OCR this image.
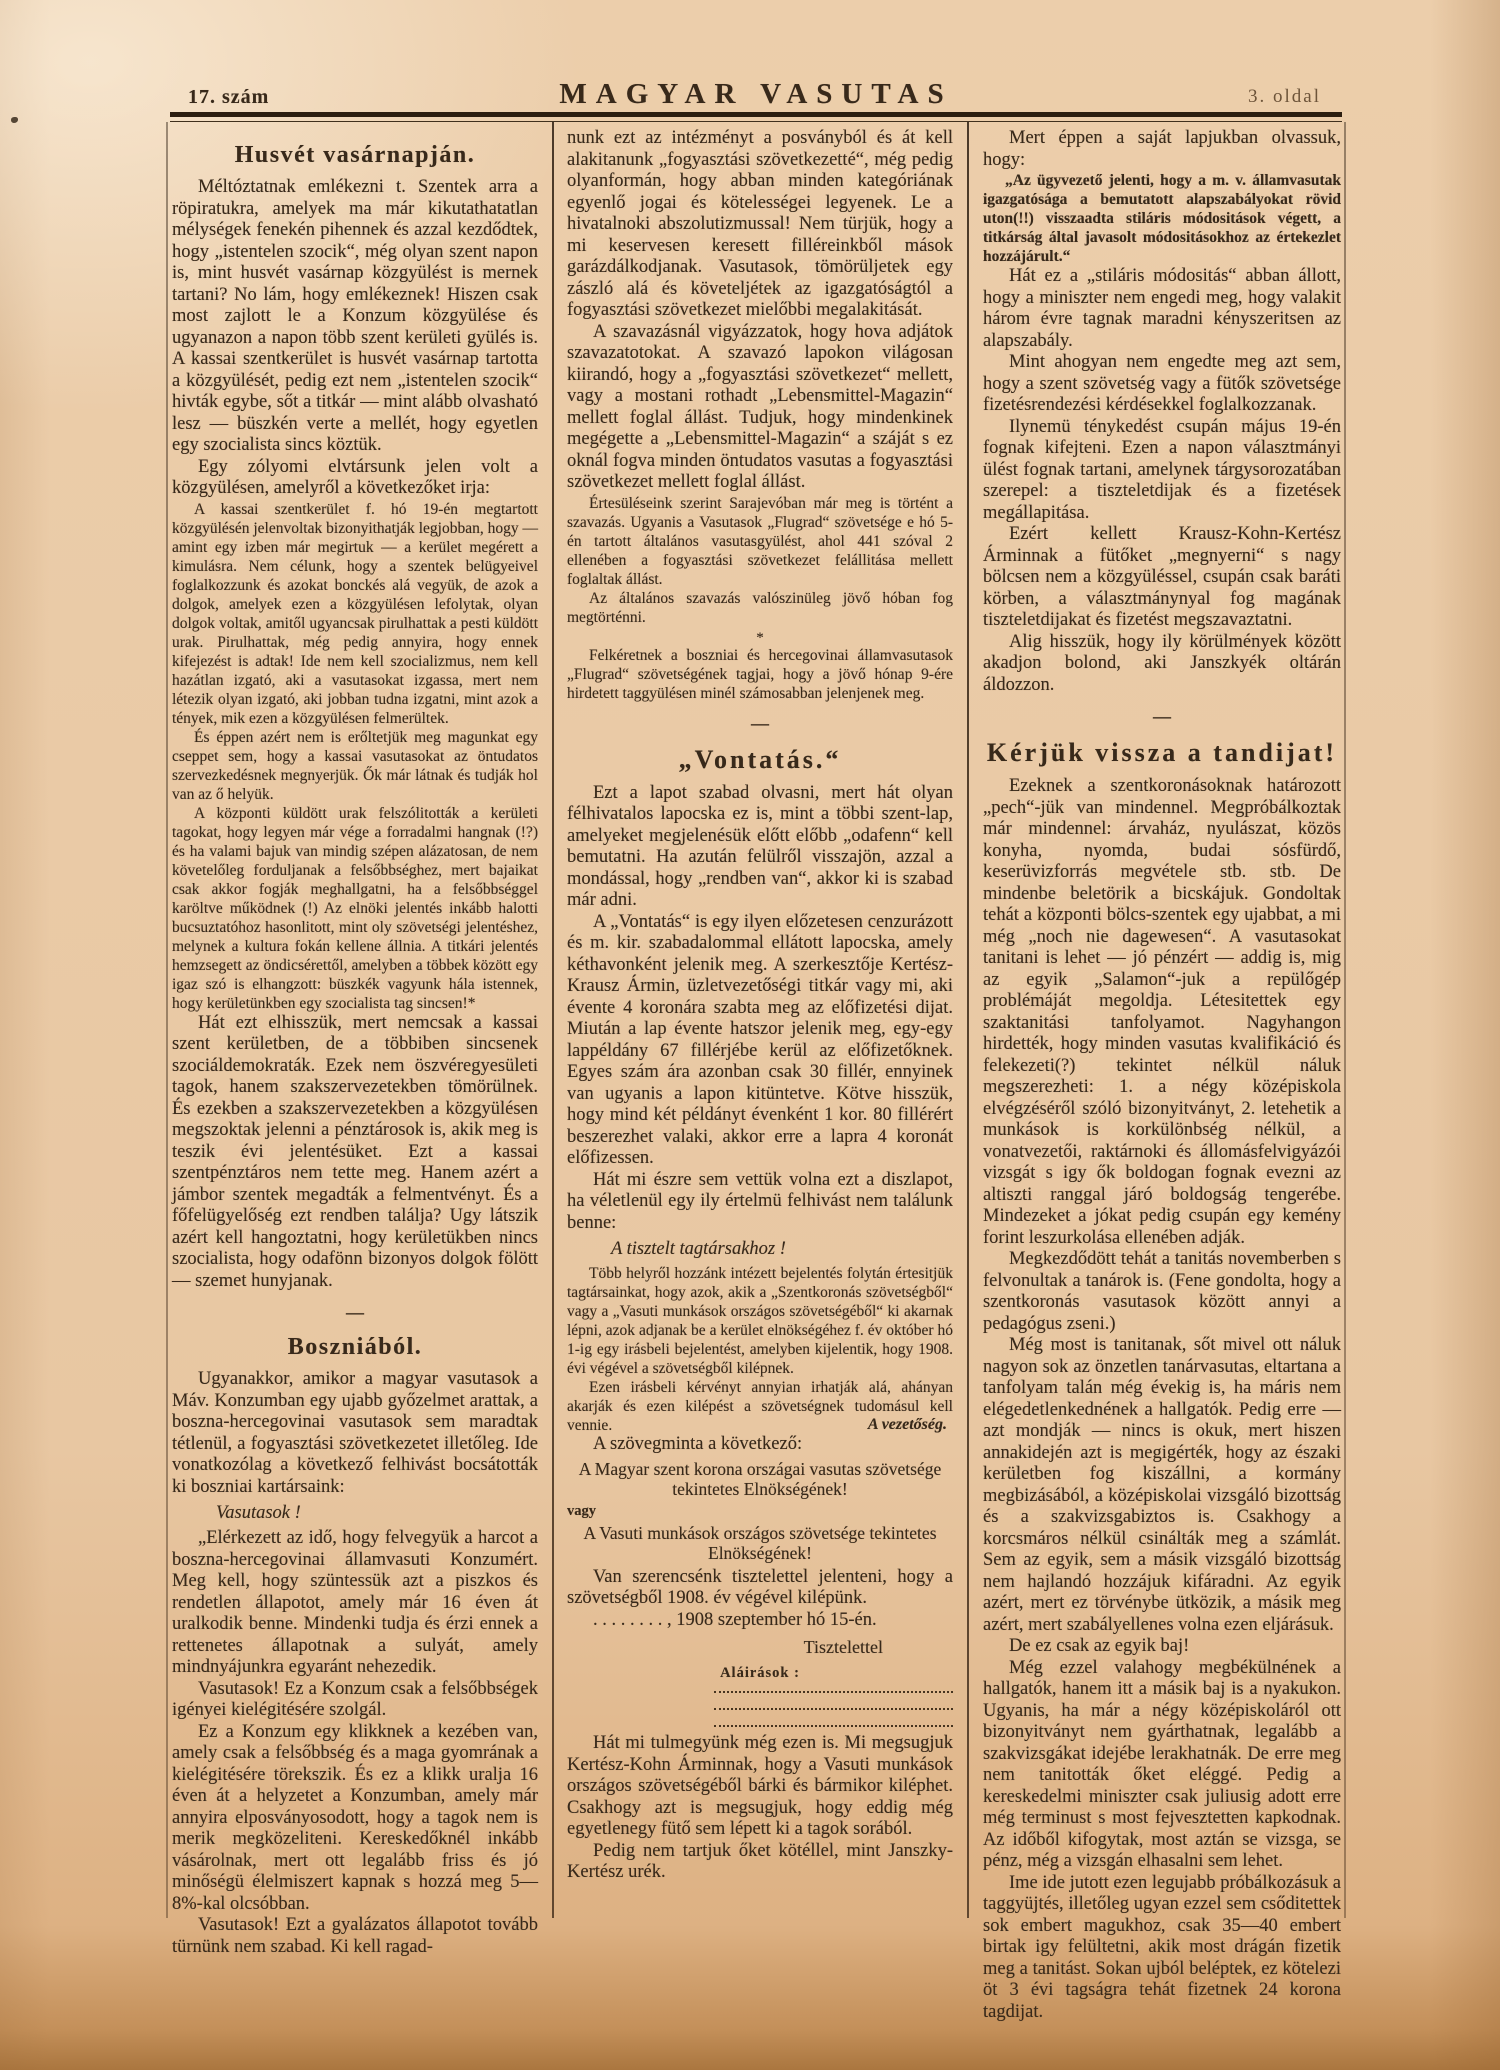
17. szám	MAGYAR VASUTAS	3. oldal
Husvét vasárnapján.
Méltóztatnak emlékezni t. Szentek arra a röpiratukra, amelyek ma már kikutathatatlan mélységek fenekén pihennek és azzal kezdődtek, hogy „istentelen szocik“, még olyan szent napon is, mint husvét vasárnap közgyülést is mernek tartani? No lám, hogy emlékeznek! Hiszen csak most zajlott le a Konzum közgyülése és ugyanazon a napon több szent kerületi gyülés is. A kassai szentkerület is husvét vasárnap tartotta a közgyülését, pedig ezt nem „istentelen szocik“ hivták egybe, sőt a titkár — mint alább olvasható lesz — büszkén verte a mellét, hogy egyetlen egy szocialista sincs köztük.
Egy zólyomi elvtársunk jelen volt a közgyülésen, amelyről a következőket irja:
A kassai szentkerület f. hó 19-én megtartott közgyülésén jelenvoltak bizonyithatják legjobban, hogy — amint egy izben már megirtuk — a kerület megérett a kimulásra. Nem célunk, hogy a szentek belügyeivel foglalkozzunk és azokat bonckés alá vegyük, de azok a dolgok, amelyek ezen a közgyülésen lefolytak, olyan dolgok voltak, amitől ugyancsak pirulhattak a pesti küldött urak. Pirulhattak, még pedig annyira, hogy ennek kifejezést is adtak! Ide nem kell szocializmus, nem kell hazátlan izgató, aki a vasutasokat izgassa, mert nem létezik olyan izgató, aki jobban tudna izgatni, mint azok a tények, mik ezen a közgyülésen felmerültek.
És éppen azért nem is erőltetjük meg magunkat egy cseppet sem, hogy a kassai vasutasokat az öntudatos szervezkedésnek megnyerjük. Ők már látnak és tudják hol van az ő helyük.
A központi küldött urak felszólitották a kerületi tagokat, hogy legyen már vége a forradalmi hangnak (!?) és ha valami bajuk van mindig szépen alázatosan, de nem követelőleg forduljanak a felsőbbséghez, mert bajaikat csak akkor fogják meghallgatni, ha a felsőbbséggel karöltve működnek (!) Az elnöki jelentés inkább halotti bucsuztatóhoz hasonlitott, mint oly szövetségi jelentéshez, melynek a kultura fokán kellene állnia. A titkári jelentés hemzsegett az öndicsérettől, amelyben a többek között egy igaz szó is elhangzott: büszkék vagyunk hála istennek, hogy kerületünkben egy szocialista tag sincsen!*
Hát ezt elhisszük, mert nemcsak a kassai szent kerületben, de a többiben sincsenek szociáldemokraták. Ezek nem öszvéregyesületi tagok, hanem szakszervezetekben tömörülnek. És ezekben a szakszervezetekben a közgyülésen megszoktak jelenni a pénztárosok is, akik meg is teszik évi jelentésüket. Ezt a kassai szentpénztáros nem tette meg. Hanem azért a jámbor szentek megadták a felmentvényt. És a főfelügyelőség ezt rendben találja? Ugy látszik azért kell hangoztatni, hogy kerületükben nincs szocialista, hogy odafönn bizonyos dolgok fölött — szemet hunyjanak.
—
Boszniából.
Ugyanakkor, amikor a magyar vasutasok a Máv. Konzumban egy ujabb győzelmet arattak, a boszna-hercegovinai vasutasok sem maradtak tétlenül, a fogyasztási szövetkezetet illetőleg. Ide vonatkozólag a következő felhivást bocsátották ki boszniai kartársaink:
Vasutasok !
„Elérkezett az idő, hogy felvegyük a harcot a boszna-hercegovinai államvasuti Konzumért. Meg kell, hogy szüntessük azt a piszkos és rendetlen állapotot, amely már 16 éven át uralkodik benne. Mindenki tudja és érzi ennek a rettenetes állapotnak a sulyát, amely mindnyájunkra egyaránt nehezedik.
Vasutasok! Ez a Konzum csak a felsőbbségek igényei kielégitésére szolgál.
Ez a Konzum egy klikknek a kezében van, amely csak a felsőbbség és a maga gyomrának a kielégitésére törekszik. És ez a klikk uralja 16 éven át a helyzetet a Konzumban, amely már annyira elposványosodott, hogy a tagok nem is merik megközeliteni. Kereskedőknél inkább vásárolnak, mert ott legalább friss és jó minőségü élelmiszert kapnak s hozzá meg 5—8%-kal olcsóbban.
Vasutasok! Ezt a gyalázatos állapotot tovább türnünk nem szabad. Ki kell ragad-
nunk ezt az intézményt a posványból és át kell alakitanunk „fogyasztási szövetkezetté“, még pedig olyanformán, hogy abban minden kategóriának egyenlő jogai és kötelességei legyenek. Le a hivatalnoki abszolutizmussal! Nem türjük, hogy a mi keservesen keresett filléreinkből mások garázdálkodjanak. Vasutasok, tömörüljetek egy zászló alá és követeljétek az igazgatóságtól a fogyasztási szövetkezet mielőbbi megalakitását.
A szavazásnál vigyázzatok, hogy hova adjátok szavazatotokat. A szavazó lapokon világosan kiirandó, hogy a „fogyasztási szövetkezet“ mellett, vagy a mostani rothadt „Lebensmittel-Magazin“ mellett foglal állást. Tudjuk, hogy mindenkinek megégette a „Lebensmittel-Magazin“ a száját s ez oknál fogva minden öntudatos vasutas a fogyasztási szövetkezet mellett foglal állást.
Értesüléseink szerint Sarajevóban már meg is történt a szavazás. Ugyanis a Vasutasok „Flugrad“ szövetsége e hó 5-én tartott általános vasutasgyülést, ahol 441 szóval 2 ellenében a fogyasztási szövetkezet felállitása mellett foglaltak állást.
Az általános szavazás valószinüleg jövő hóban fog megtörténni.
*
Felkéretnek a boszniai és hercegovinai államvasutasok „Flugrad“ szövetségének tagjai, hogy a jövő hónap 9-ére hirdetett taggyülésen minél számosabban jelenjenek meg.
—
„Vontatás.“
Ezt a lapot szabad olvasni, mert hát olyan félhivatalos lapocska ez is, mint a többi szent-lap, amelyeket megjelenésük előtt előbb „odafenn“ kell bemutatni. Ha azután felülről visszajön, azzal a mondással, hogy „rendben van“, akkor ki is szabad már adni.
A „Vontatás“ is egy ilyen előzetesen cenzurázott és m. kir. szabadalommal ellátott lapocska, amely kéthavonként jelenik meg. A szerkesztője Kertész-Krausz Ármin, üzletvezetőségi titkár vagy mi, aki évente 4 koronára szabta meg az előfizetési dijat. Miután a lap évente hatszor jelenik meg, egy-egy lappéldány 67 fillérjébe kerül az előfizetőknek. Egyes szám ára azonban csak 30 fillér, ennyinek van ugyanis a lapon kitüntetve. Kötve hisszük, hogy mind két példányt évenként 1 kor. 80 fillérért beszerezhet valaki, akkor erre a lapra 4 koronát előfizessen.
Hát mi észre sem vettük volna ezt a diszlapot, ha véletlenül egy ily értelmü felhivást nem találunk benne:
A tisztelt tagtársakhoz !
Több helyről hozzánk intézett bejelentés folytán értesitjük tagtársainkat, hogy azok, akik a „Szentkoronás szövetségből“ vagy a „Vasuti munkások országos szövetségéből“ ki akarnak lépni, azok adjanak be a kerület elnökségéhez f. év október hó 1-ig egy irásbeli bejelentést, amelyben kijelentik, hogy 1908. évi végével a szövetségből kilépnek.
Ezen irásbeli kérvényt annyian irhatják alá, ahányan akarják és ezen kilépést a szövetségnek tudomásul kell vennie.	A vezetőség.
A szövegminta a következő:
A Magyar szent korona országai vasutas szövetsége tekintetes Elnökségének!
vagy
A Vasuti munkások országos szövetsége tekintetes Elnökségének!
Van szerencsénk tisztelettel jelenteni, hogy a szövetségből 1908. év végével kilépünk.
. . . . . . . . , 1908 szeptember hó 15-én.
Tisztelettel
Aláirások :
Hát mi tulmegyünk még ezen is. Mi megsugjuk Kertész-Kohn Árminnak, hogy a Vasuti munkások országos szövetségéből bárki és bármikor kiléphet. Csakhogy azt is megsugjuk, hogy eddig még egyetlenegy fütő sem lépett ki a tagok sorából.
Pedig nem tartjuk őket kötéllel, mint Janszky-Kertész urék.
Mert éppen a saját lapjukban olvassuk, hogy:
„Az ügyvezető jelenti, hogy a m. v. államvasutak igazgatósága a bemutatott alapszabályokat rövid uton(!!) visszaadta stiláris módositások végett, a titkárság által javasolt módositásokhoz az értekezlet hozzájárult.“
Hát ez a „stiláris módositás“ abban állott, hogy a miniszter nem engedi meg, hogy valakit három évre tagnak maradni kényszeritsen az alapszabály.
Mint ahogyan nem engedte meg azt sem, hogy a szent szövetség vagy a fütők szövetsége fizetésrendezési kérdésekkel foglalkozzanak.
Ilynemü ténykedést csupán május 19-én fognak kifejteni. Ezen a napon választmányi ülést fognak tartani, amelynek tárgysorozatában szerepel: a tiszteletdijak és a fizetések megállapitása.
Ezért kellett Krausz-Kohn-Kertész Árminnak a fütőket „megnyerni“ s nagy bölcsen nem a közgyüléssel, csupán csak baráti körben, a választmánynyal fog magának tiszteletdijakat és fizetést megszavaztatni.
Alig hisszük, hogy ily körülmények között akadjon bolond, aki Janszkyék oltárán áldozzon.
—
Kérjük vissza a tandijat!
Ezeknek a szentkoronásoknak határozott „pech“-jük van mindennel. Megpróbálkoztak már mindennel: árvaház, nyulászat, közös konyha, nyomda, budai sósfürdő, keserüvizforrás megvétele stb. stb. De mindenbe beletörik a bicskájuk. Gondoltak tehát a központi bölcs-szentek egy ujabbat, a mi még „noch nie dagewesen“. A vasutasokat tanitani is lehet — jó pénzért — addig is, mig az egyik „Salamon“-juk a repülőgép problémáját megoldja. Létesitettek egy szaktanitási tanfolyamot. Nagyhangon hirdették, hogy minden vasutas kvalifikáció és felekezeti(?) tekintet nélkül náluk megszerezheti: 1. a négy középiskola elvégzéséről szóló bizonyitványt, 2. letehetik a munkások is korkülönbség nélkül, a vonatvezetői, raktárnoki és állomásfelvigyázói vizsgát s igy ők boldogan fognak evezni az altiszti ranggal járó boldogság tengerébe. Mindezeket a jókat pedig csupán egy kemény forint leszurkolása ellenében adják.
Megkezdődött tehát a tanitás novemberben s felvonultak a tanárok is. (Fene gondolta, hogy a szentkoronás vasutasok között annyi a pedagógus zseni.)
Még most is tanitanak, sőt mivel ott náluk nagyon sok az önzetlen tanárvasutas, eltartana a tanfolyam talán még évekig is, ha máris nem elégedetlenkednének a hallgatók. Pedig erre — azt mondják — nincs is okuk, mert hiszen annakidején azt is megigérték, hogy az északi kerületben fog kiszállni, a kormány megbizásából, a középiskolai vizsgáló bizottság és a szakvizsgabiztos is. Csakhogy a korcsmáros nélkül csinálták meg a számlát. Sem az egyik, sem a másik vizsgáló bizottság nem hajlandó hozzájuk kifáradni. Az egyik azért, mert ez törvénybe ütközik, a másik meg azért, mert szabályellenes volna ezen eljárásuk.
De ez csak az egyik baj!
Még ezzel valahogy megbékülnének a hallgatók, hanem itt a másik baj is a nyakukon. Ugyanis, ha már a négy középiskoláról ott bizonyitványt nem gyárthatnak, legalább a szakvizsgákat idejébe lerakhatnák. De erre meg nem tanitották őket eléggé. Pedig a kereskedelmi miniszter csak juliusig adott erre még terminust s most fejvesztetten kapkodnak. Az időből kifogytak, most aztán se vizsga, se pénz, még a vizsgán elhasalni sem lehet.
Ime ide jutott ezen legujabb próbálkozásuk a taggyüjtés, illetőleg ugyan ezzel sem csőditettek sok embert magukhoz, csak 35—40 embert birtak igy felültetni, akik most drágán fizetik meg a tanitást. Sokan ujból beléptek, ez kötelezi öt 3 évi tagságra tehát fizetnek 24 korona tagdijat.
